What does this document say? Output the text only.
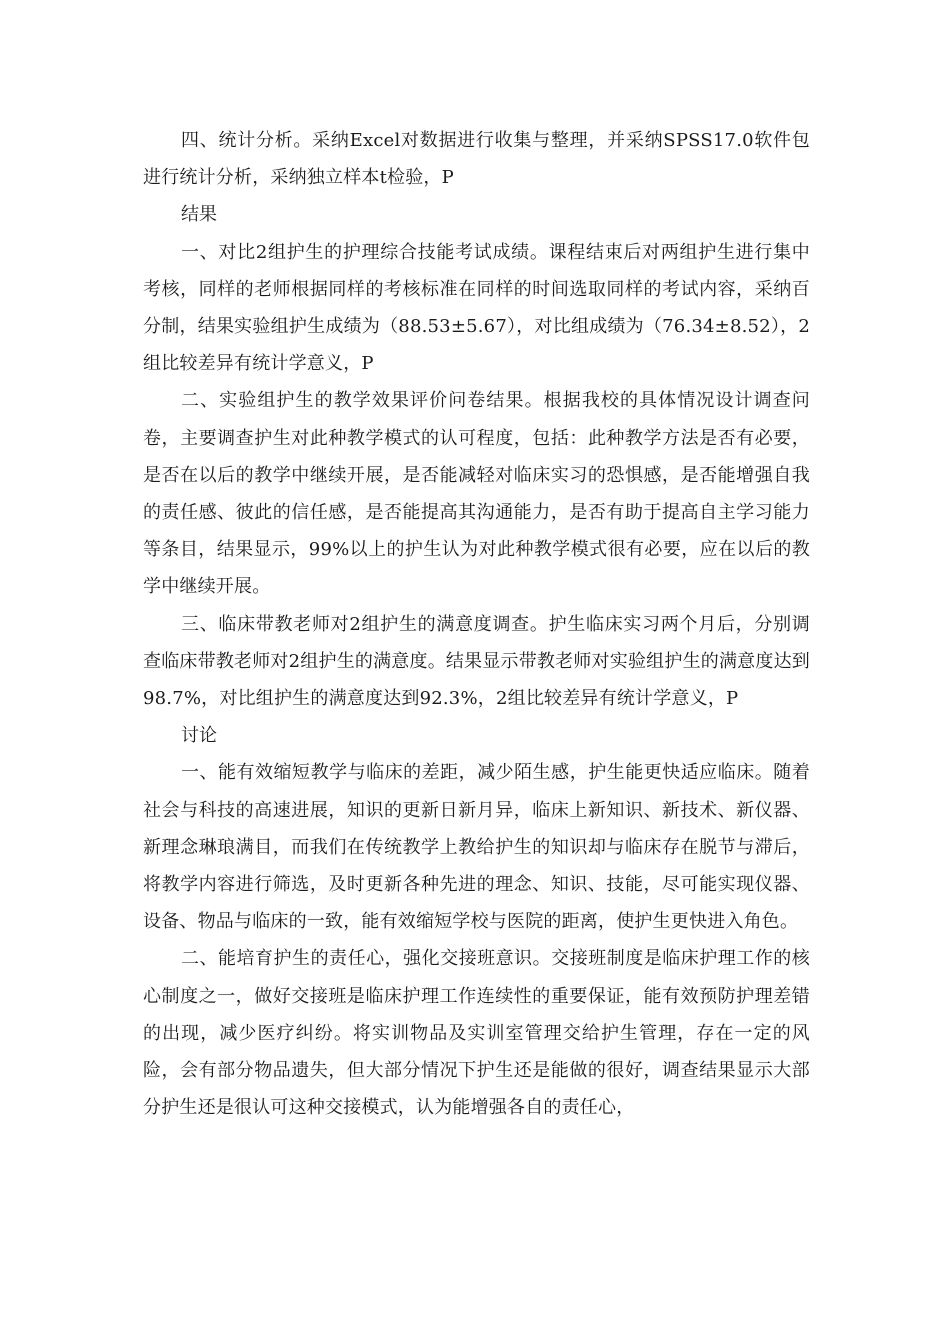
四、统计分析。采纳Excel对数据进行收集与整理，并采纳SPSS17.0软件包进行统计分析，采纳独立样本t检验，P

结果

一、对比2组护生的护理综合技能考试成绩。课程结束后对两组护生进行集中考核，同样的老师根据同样的考核标准在同样的时间选取同样的考试内容，采纳百分制，结果实验组护生成绩为（88.53±5.67），对比组成绩为（76.34±8.52），2组比较差异有统计学意义，P

二、实验组护生的教学效果评价问卷结果。根据我校的具体情况设计调查问卷，主要调查护生对此种教学模式的认可程度，包括：此种教学方法是否有必要，是否在以后的教学中继续开展，是否能减轻对临床实习的恐惧感，是否能增强自我的责任感、彼此的信任感，是否能提高其沟通能力，是否有助于提高自主学习能力等条目，结果显示，99%以上的护生认为对此种教学模式很有必要，应在以后的教学中继续开展。

三、临床带教老师对2组护生的满意度调查。护生临床实习两个月后，分别调查临床带教老师对2组护生的满意度。结果显示带教老师对实验组护生的满意度达到98.7%，对比组护生的满意度达到92.3%，2组比较差异有统计学意义，P

讨论

一、能有效缩短教学与临床的差距，减少陌生感，护生能更快适应临床。随着社会与科技的高速进展，知识的更新日新月异，临床上新知识、新技术、新仪器、新理念琳琅满目，而我们在传统教学上教给护生的知识却与临床存在脱节与滞后，将教学内容进行筛选，及时更新各种先进的理念、知识、技能，尽可能实现仪器、设备、物品与临床的一致，能有效缩短学校与医院的距离，使护生更快进入角色。

二、能培育护生的责任心，强化交接班意识。交接班制度是临床护理工作的核心制度之一，做好交接班是临床护理工作连续性的重要保证，能有效预防护理差错的出现，减少医疗纠纷。将实训物品及实训室管理交给护生管理，存在一定的风险，会有部分物品遗失，但大部分情况下护生还是能做的很好，调查结果显示大部分护生还是很认可这种交接模式，认为能增强各自的责任心，
